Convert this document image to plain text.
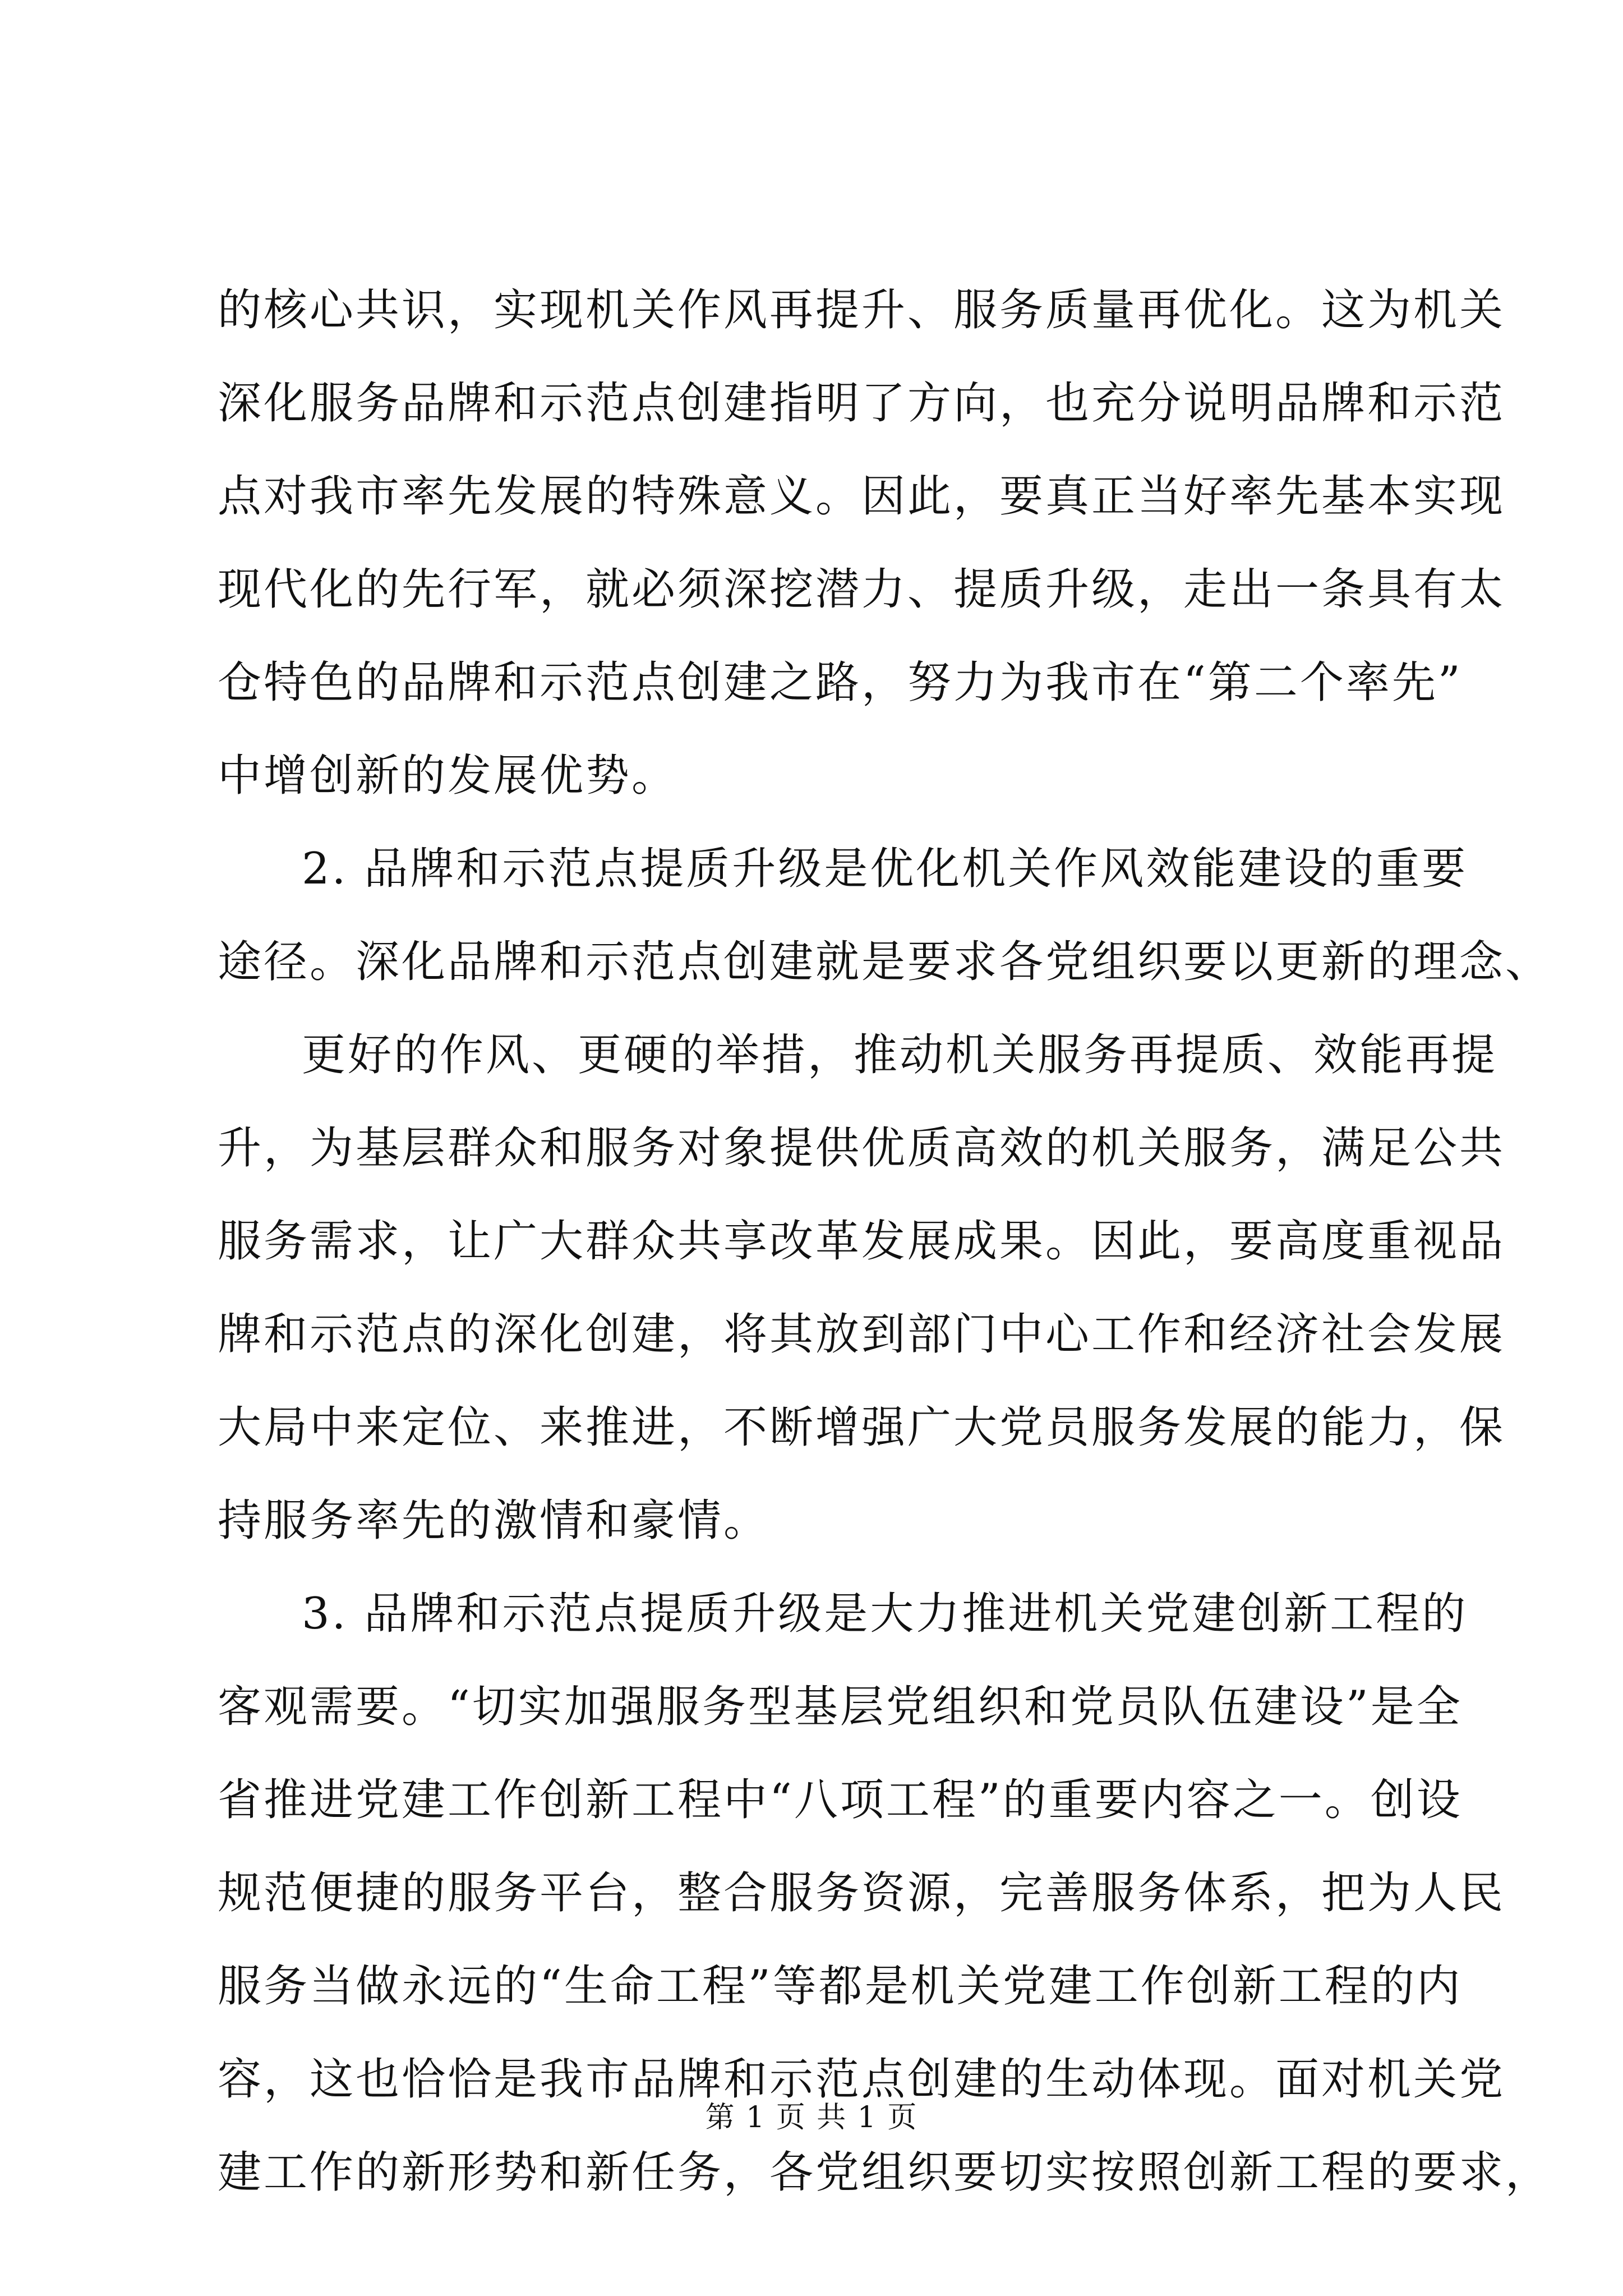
的核心共识，实现机关作风再提升、服务质量再优化。这为机关
深化服务品牌和示范点创建指明了方向，也充分说明品牌和示范
点对我市率先发展的特殊意义。因此，要真正当好率先基本实现
现代化的先行军，就必须深挖潜力、提质升级，走出一条具有太
仓特色的品牌和示范点创建之路，努力为我市在“第二个率先”
中增创新的发展优势。
2. 品牌和示范点提质升级是优化机关作风效能建设的重要
途径。深化品牌和示范点创建就是要求各党组织要以更新的理念、
更好的作风、更硬的举措，推动机关服务再提质、效能再提
升，为基层群众和服务对象提供优质高效的机关服务，满足公共
服务需求，让广大群众共享改革发展成果。因此，要高度重视品
牌和示范点的深化创建，将其放到部门中心工作和经济社会发展
大局中来定位、来推进，不断增强广大党员服务发展的能力，保
持服务率先的激情和豪情。
3. 品牌和示范点提质升级是大力推进机关党建创新工程的
客观需要。“切实加强服务型基层党组织和党员队伍建设”是全
省推进党建工作创新工程中“八项工程”的重要内容之一。创设
规范便捷的服务平台，整合服务资源，完善服务体系，把为人民
服务当做永远的“生命工程”等都是机关党建工作创新工程的内
容，这也恰恰是我市品牌和示范点创建的生动体现。面对机关党
建工作的新形势和新任务，各党组织要切实按照创新工程的要求，
第 1 页 共 1 页
